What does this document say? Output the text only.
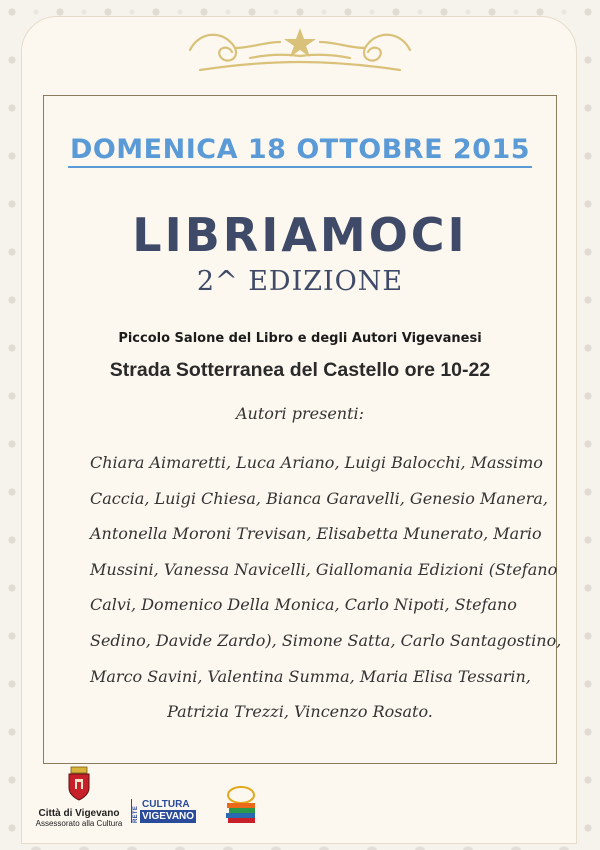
DOMENICA 18 OTTOBRE 2015
LIBRIAMOCI
2^ EDIZIONE
Piccolo Salone del Libro e degli Autori Vigevanesi
Strada Sotterranea del Castello ore 10-22
Autori presenti:
Chiara Aimaretti, Luca Ariano, Luigi Balocchi, Massimo
Caccia, Luigi Chiesa, Bianca Garavelli, Genesio Manera,
Antonella Moroni Trevisan, Elisabetta Munerato, Mario
Mussini, Vanessa Navicelli, Giallomania Edizioni (Stefano
Calvi, Domenico Della Monica, Carlo Nipoti, Stefano
Sedino, Davide Zardo), Simone Satta, Carlo Santagostino,
Marco Savini, Valentina Summa, Maria Elisa Tessarin,
Patrizia Trezzi, Vincenzo Rosato.
Città di Vigevano
Assessorato alla Cultura
RETE
CULTURA
VIGEVANO
